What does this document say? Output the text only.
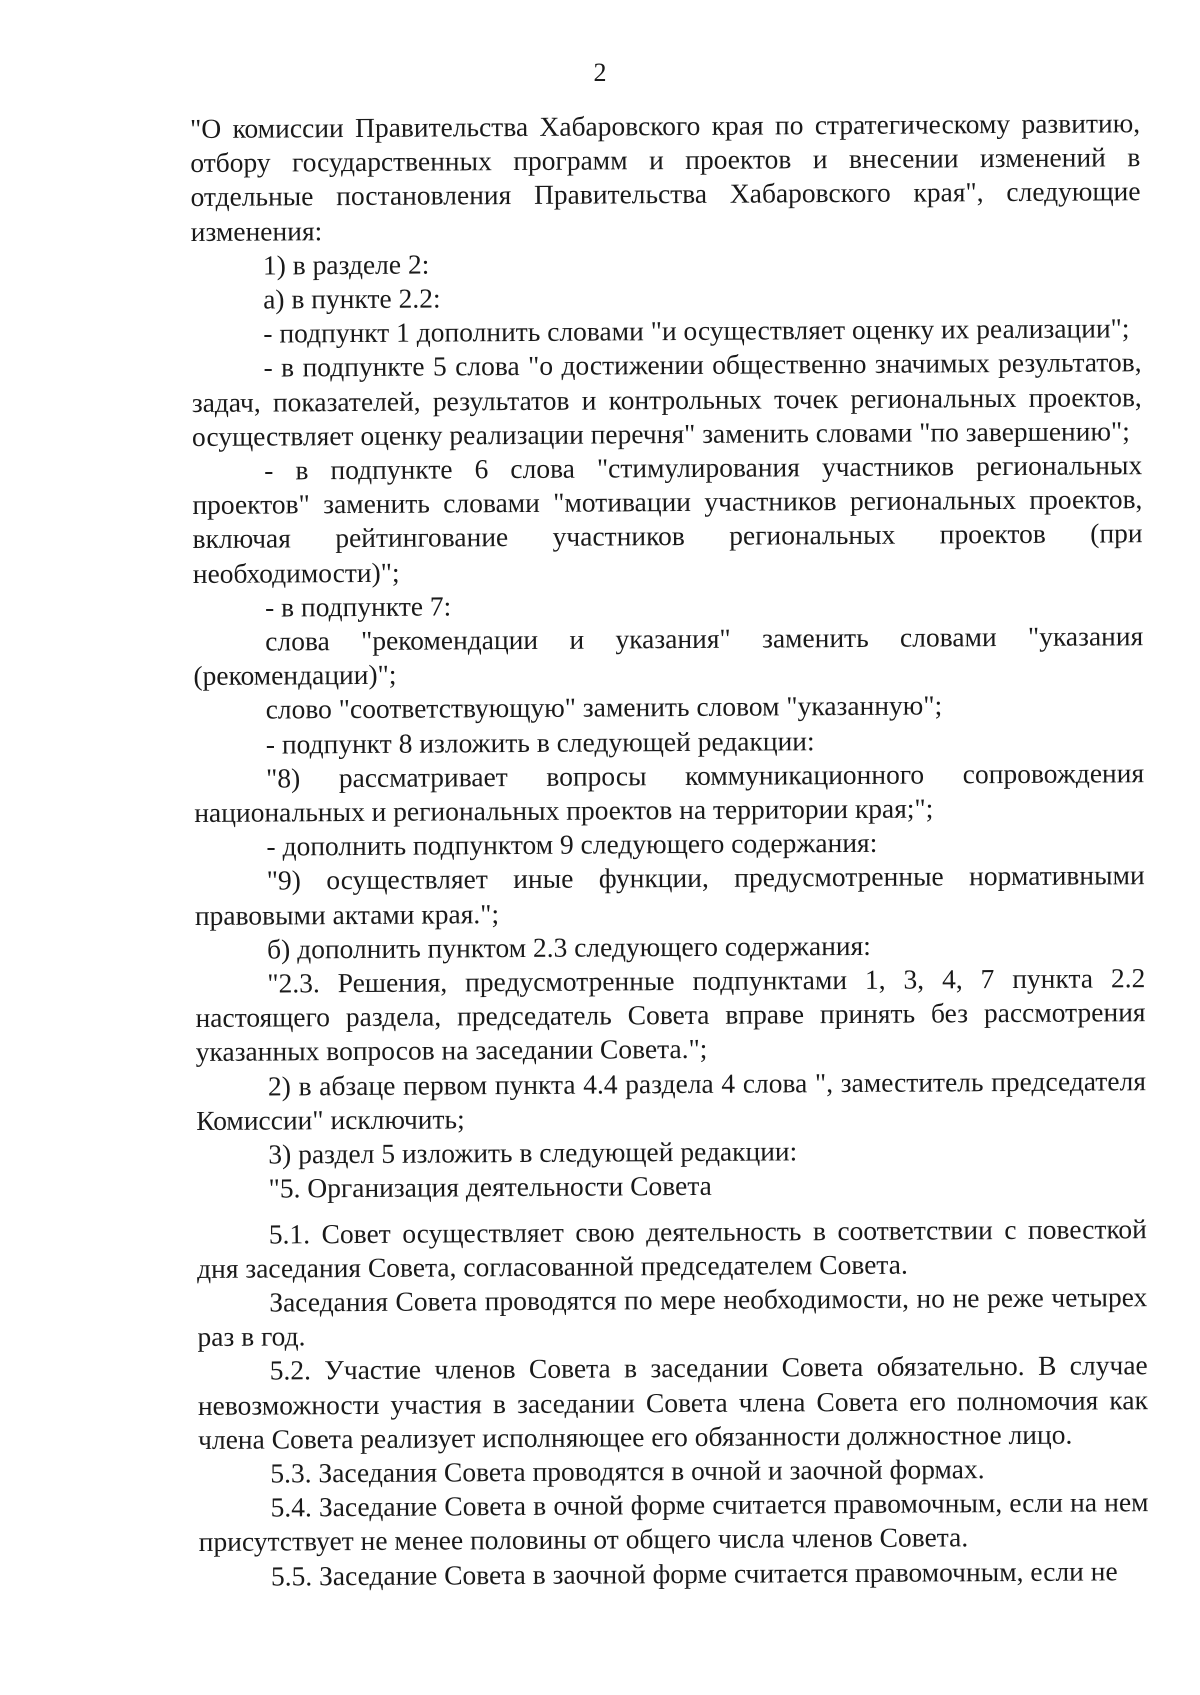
2

"О комиссии Правительства Хабаровского края по стратегическому развитию, отбору государственных программ и проектов и внесении изменений в отдельные постановления Правительства Хабаровского края", следующие изменения:

1) в разделе 2:

а) в пункте 2.2:

- подпункт 1 дополнить словами "и осуществляет оценку их реализации";

- в подпункте 5 слова "о достижении общественно значимых результатов, задач, показателей, результатов и контрольных точек региональных проектов, осуществляет оценку реализации перечня" заменить словами "по завершению";

- в подпункте 6 слова "стимулирования участников региональных проектов" заменить словами "мотивации участников региональных проектов, включая рейтингование участников региональных проектов (при необходимости)";

- в подпункте 7:

слова "рекомендации и указания" заменить словами "указания (рекомендации)";

слово "соответствующую" заменить словом "указанную";

- подпункт 8 изложить в следующей редакции:

"8) рассматривает вопросы коммуникационного сопровождения национальных и региональных проектов на территории края;";

- дополнить подпунктом 9 следующего содержания:

"9) осуществляет иные функции, предусмотренные нормативными правовыми актами края.";

б) дополнить пунктом 2.3 следующего содержания:

"2.3. Решения, предусмотренные подпунктами 1, 3, 4, 7 пункта 2.2 настоящего раздела, председатель Совета вправе принять без рассмотрения указанных вопросов на заседании Совета.";

2) в абзаце первом пункта 4.4 раздела 4 слова ", заместитель председателя Комиссии" исключить;

3) раздел 5 изложить в следующей редакции:

"5. Организация деятельности Совета

5.1. Совет осуществляет свою деятельность в соответствии с повесткой дня заседания Совета, согласованной председателем Совета.

Заседания Совета проводятся по мере необходимости, но не реже четырех раз в год.

5.2. Участие членов Совета в заседании Совета обязательно. В случае невозможности участия в заседании Совета члена Совета его полномочия как члена Совета реализует исполняющее его обязанности должностное лицо.

5.3. Заседания Совета проводятся в очной и заочной формах.

5.4. Заседание Совета в очной форме считается правомочным, если на нем присутствует не менее половины от общего числа членов Совета.

5.5. Заседание Совета в заочной форме считается правомочным, если не
